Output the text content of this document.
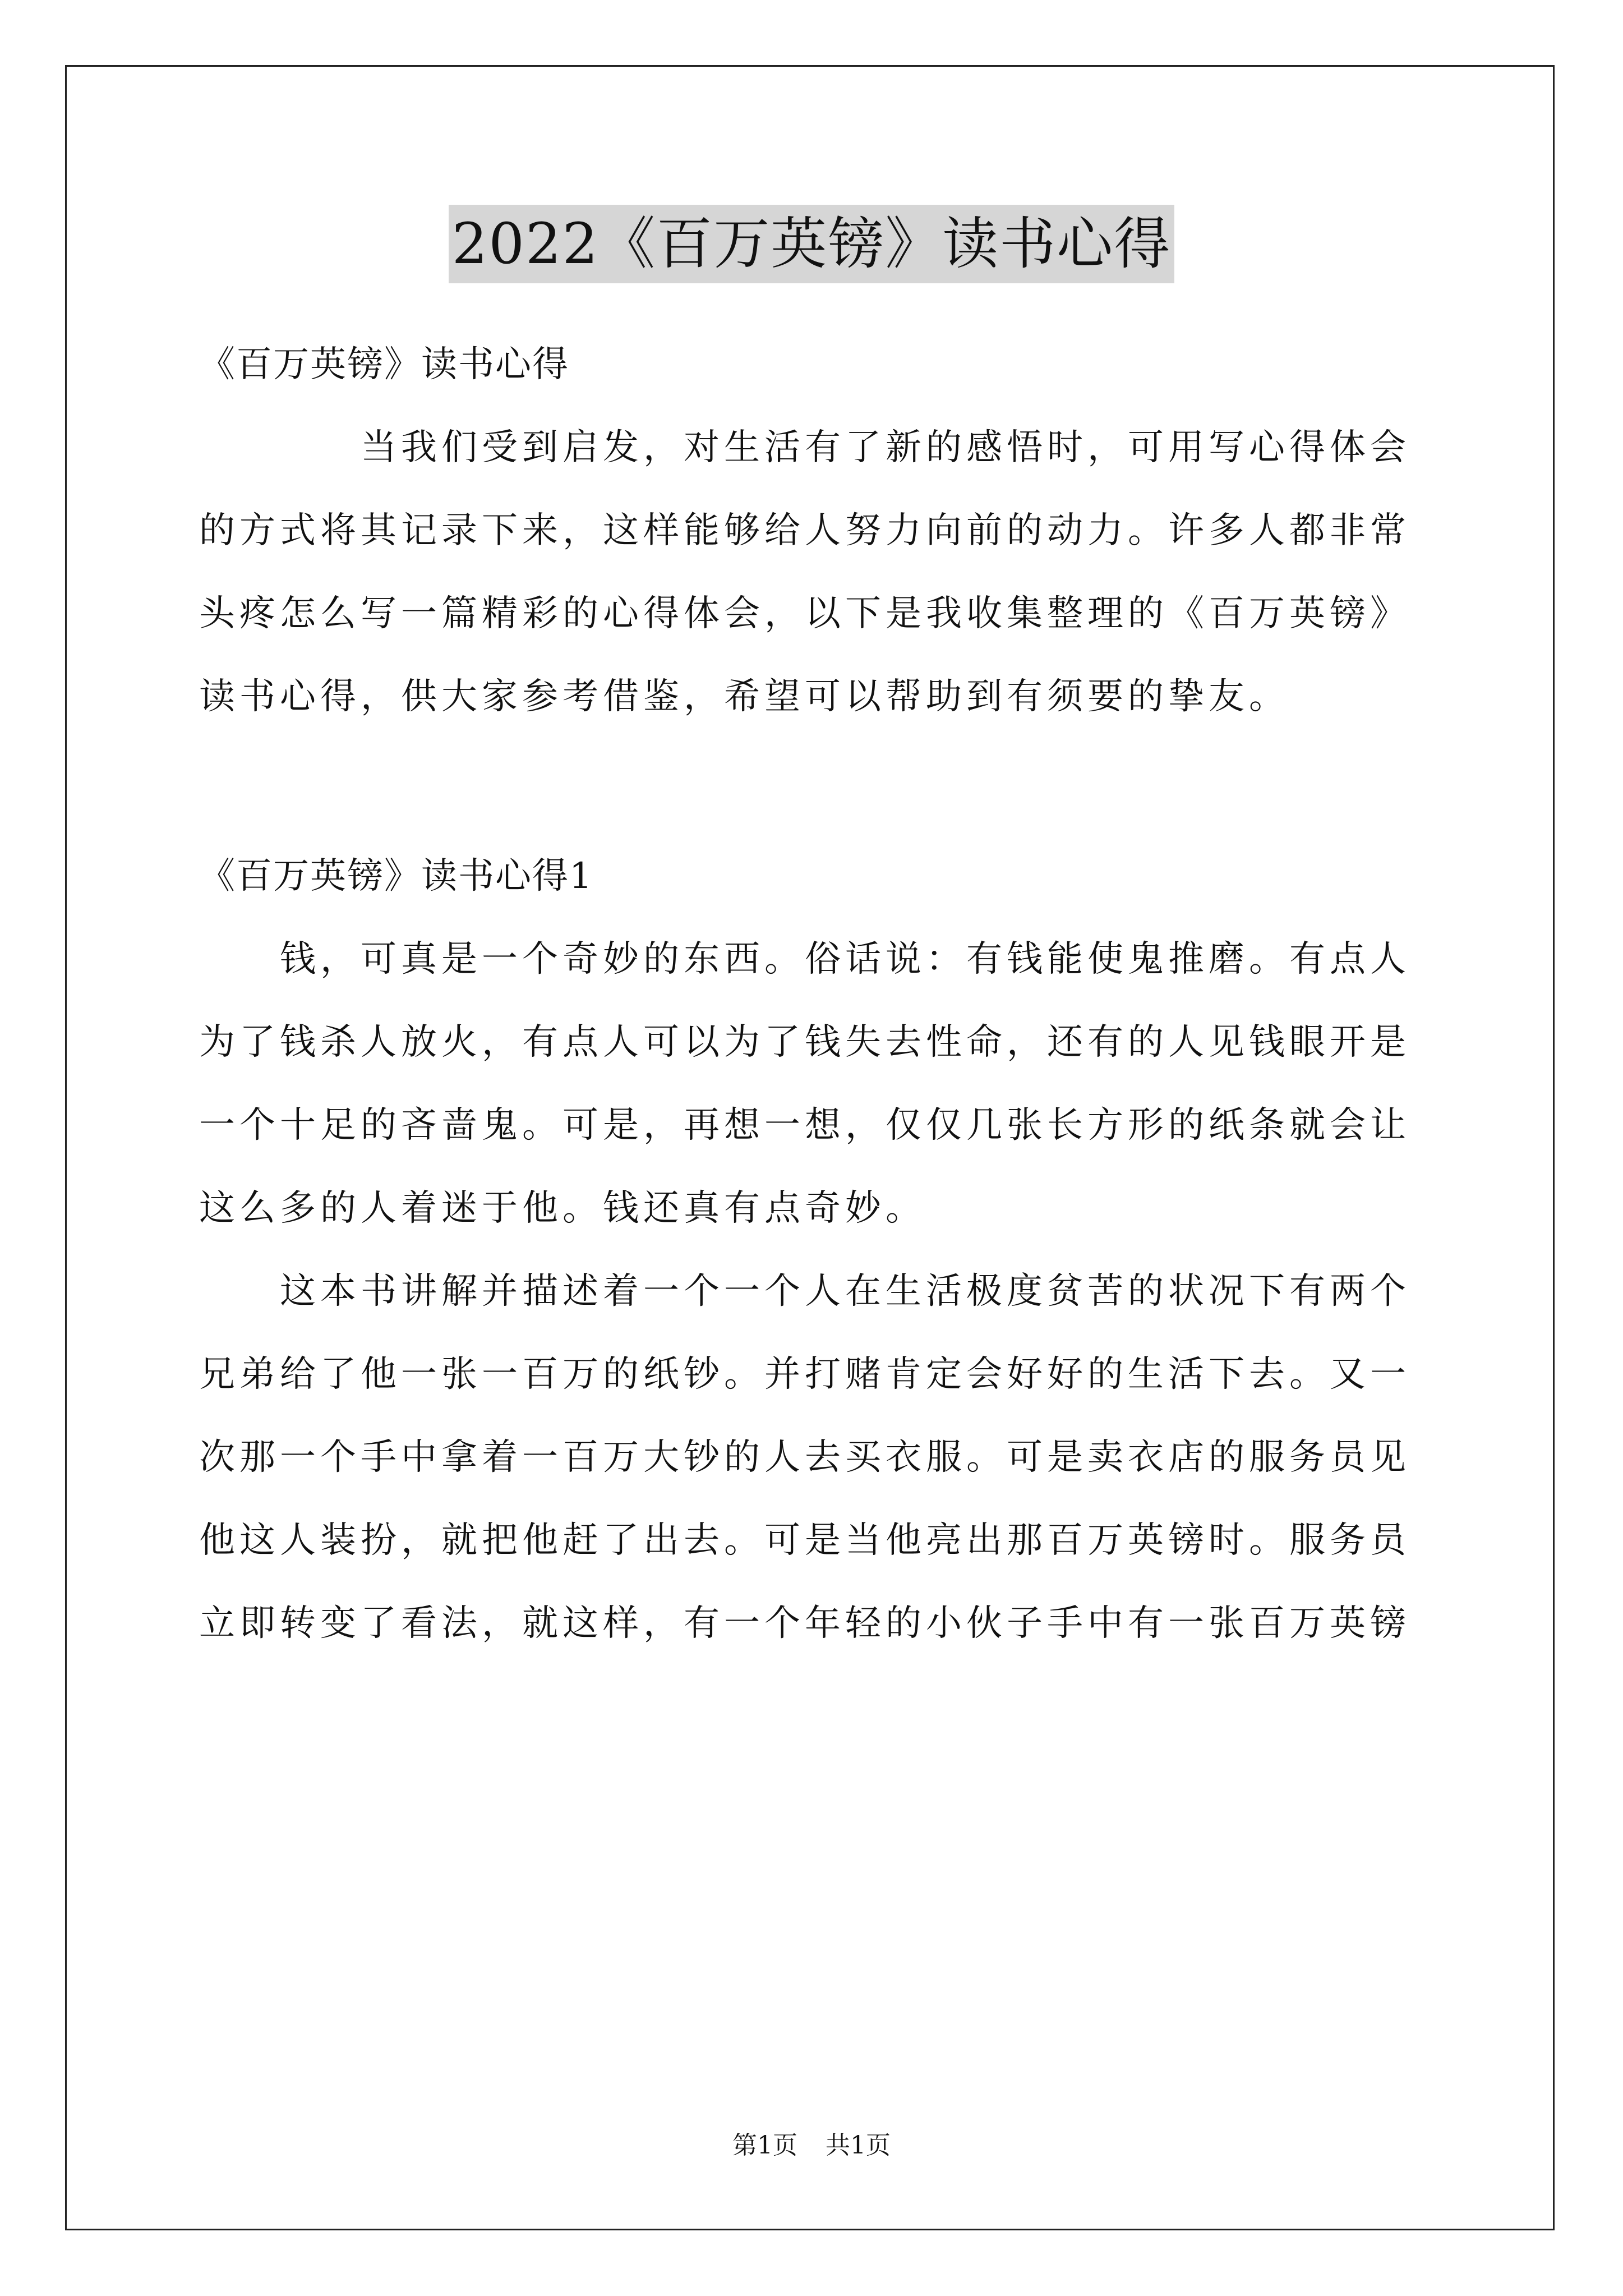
2022《百万英镑》读书心得
《百万英镑》读书心得
当我们受到启发，对生活有了新的感悟时，可用写心得体会
的方式将其记录下来，这样能够给人努力向前的动力。许多人都非常
头疼怎么写一篇精彩的心得体会，以下是我收集整理的《百万英镑》
读书心得，供大家参考借鉴，希望可以帮助到有须要的挚友。
《百万英镑》读书心得1
钱，可真是一个奇妙的东西。俗话说：有钱能使鬼推磨。有点人
为了钱杀人放火，有点人可以为了钱失去性命，还有的人见钱眼开是
一个十足的吝啬鬼。可是，再想一想，仅仅几张长方形的纸条就会让
这么多的人着迷于他。钱还真有点奇妙。
这本书讲解并描述着一个一个人在生活极度贫苦的状况下有两个
兄弟给了他一张一百万的纸钞。并打赌肯定会好好的生活下去。又一
次那一个手中拿着一百万大钞的人去买衣服。可是卖衣店的服务员见
他这人装扮，就把他赶了出去。可是当他亮出那百万英镑时。服务员
立即转变了看法，就这样，有一个年轻的小伙子手中有一张百万英镑
第1页 共1页
